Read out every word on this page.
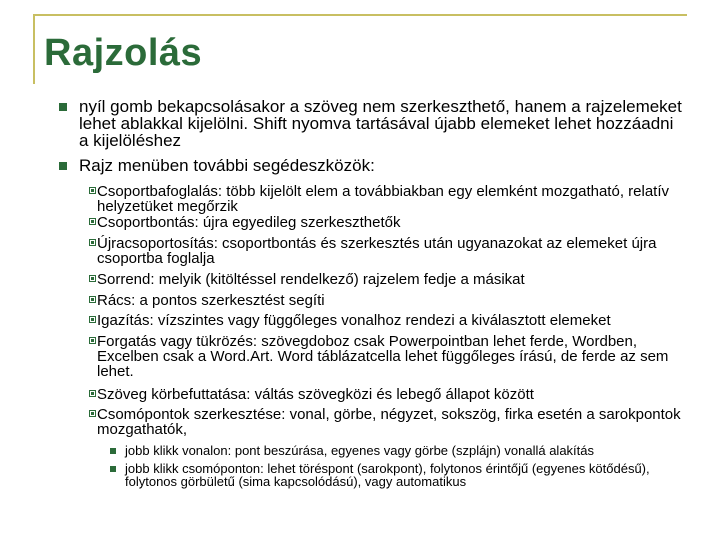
Rajzolás
nyíl gomb bekapcsolásakor a szöveg nem szerkeszthető, hanem a rajzelemeket lehet ablakkal kijelölni. Shift nyomva tartásával újabb elemeket lehet hozzáadni a kijelöléshez
Rajz menüben további segédeszközök:
Csoportbafoglalás: több kijelölt elem a továbbiakban egy elemként mozgatható, relatív helyzetüket megőrzik
Csoportbontás: újra egyedileg szerkeszthetők
Újracsoportosítás: csoportbontás és szerkesztés után ugyanazokat az elemeket újra csoportba foglalja
Sorrend: melyik (kitöltéssel rendelkező) rajzelem fedje a másikat
Rács: a pontos szerkesztést segíti
Igazítás: vízszintes vagy függőleges vonalhoz rendezi a kiválasztott elemeket
Forgatás vagy tükrözés: szövegdoboz csak Powerpointban lehet ferde, Wordben, Excelben csak a Word.Art. Word táblázatcella lehet függőleges írású, de ferde az sem lehet.
Szöveg körbefuttatása: váltás szövegközi és lebegő állapot között
Csomópontok szerkesztése: vonal, görbe, négyzet, sokszög, firka esetén a sarokpontok mozgathatók,
jobb klikk vonalon: pont beszúrása, egyenes vagy görbe (szplájn) vonallá alakítás
jobb klikk csomóponton: lehet töréspont (sarokpont), folytonos érintőjű (egyenes kötődésű), folytonos görbületű (sima kapcsolódású), vagy automatikus
